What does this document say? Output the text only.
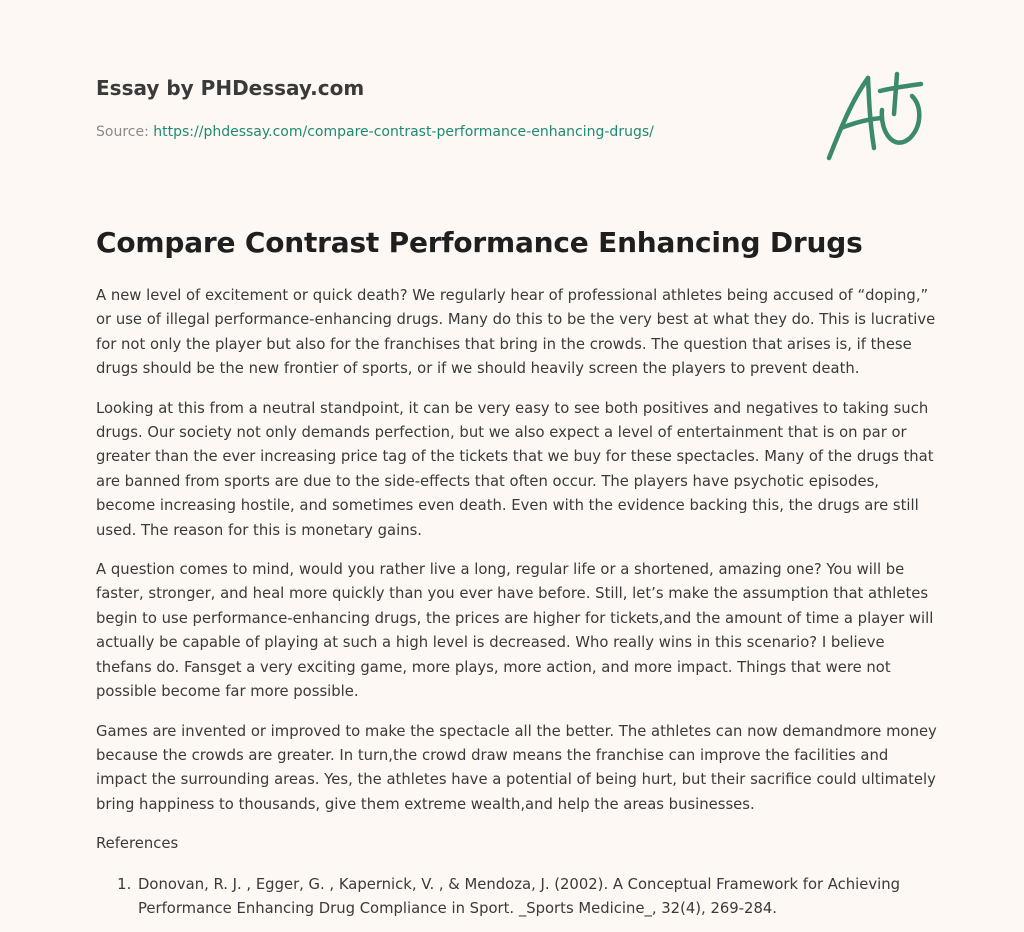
Essay by PHDessay.com
Source: https://phdessay.com/compare-contrast-performance-enhancing-drugs/
Compare Contrast Performance Enhancing Drugs

A new level of excitement or quick death? We regularly hear of professional athletes being accused of “doping,” or use of illegal performance-enhancing drugs. Many do this to be the very best at what they do. This is lucrative for not only the player but also for the franchises that bring in the crowds. The question that arises is, if these drugs should be the new frontier of sports, or if we should heavily screen the players to prevent death.

Looking at this from a neutral standpoint, it can be very easy to see both positives and negatives to taking such drugs. Our society not only demands perfection, but we also expect a level of entertainment that is on par or greater than the ever increasing price tag of the tickets that we buy for these spectacles. Many of the drugs that are banned from sports are due to the side-effects that often occur. The players have psychotic episodes, become increasing hostile, and sometimes even death. Even with the evidence backing this, the drugs are still used. The reason for this is monetary gains.

A question comes to mind, would you rather live a long, regular life or a shortened, amazing one? You will be faster, stronger, and heal more quickly than you ever have before. Still, let’s make the assumption that athletes begin to use performance-enhancing drugs, the prices are higher for tickets,and the amount of time a player will actually be capable of playing at such a high level is decreased. Who really wins in this scenario? I believe thefans do. Fansget a very exciting game, more plays, more action, and more impact. Things that were not possible become far more possible.

Games are invented or improved to make the spectacle all the better. The athletes can now demandmore money because the crowds are greater. In turn,the crowd draw means the franchise can improve the facilities and impact the surrounding areas. Yes, the athletes have a potential of being hurt, but their sacrifice could ultimately bring happiness to thousands, give them extreme wealth,and help the areas businesses.

References
1. Donovan, R. J. , Egger, G. , Kapernick, V. , & Mendoza, J. (2002). A Conceptual Framework for Achieving Performance Enhancing Drug Compliance in Sport. _Sports Medicine_, 32(4), 269-284.
